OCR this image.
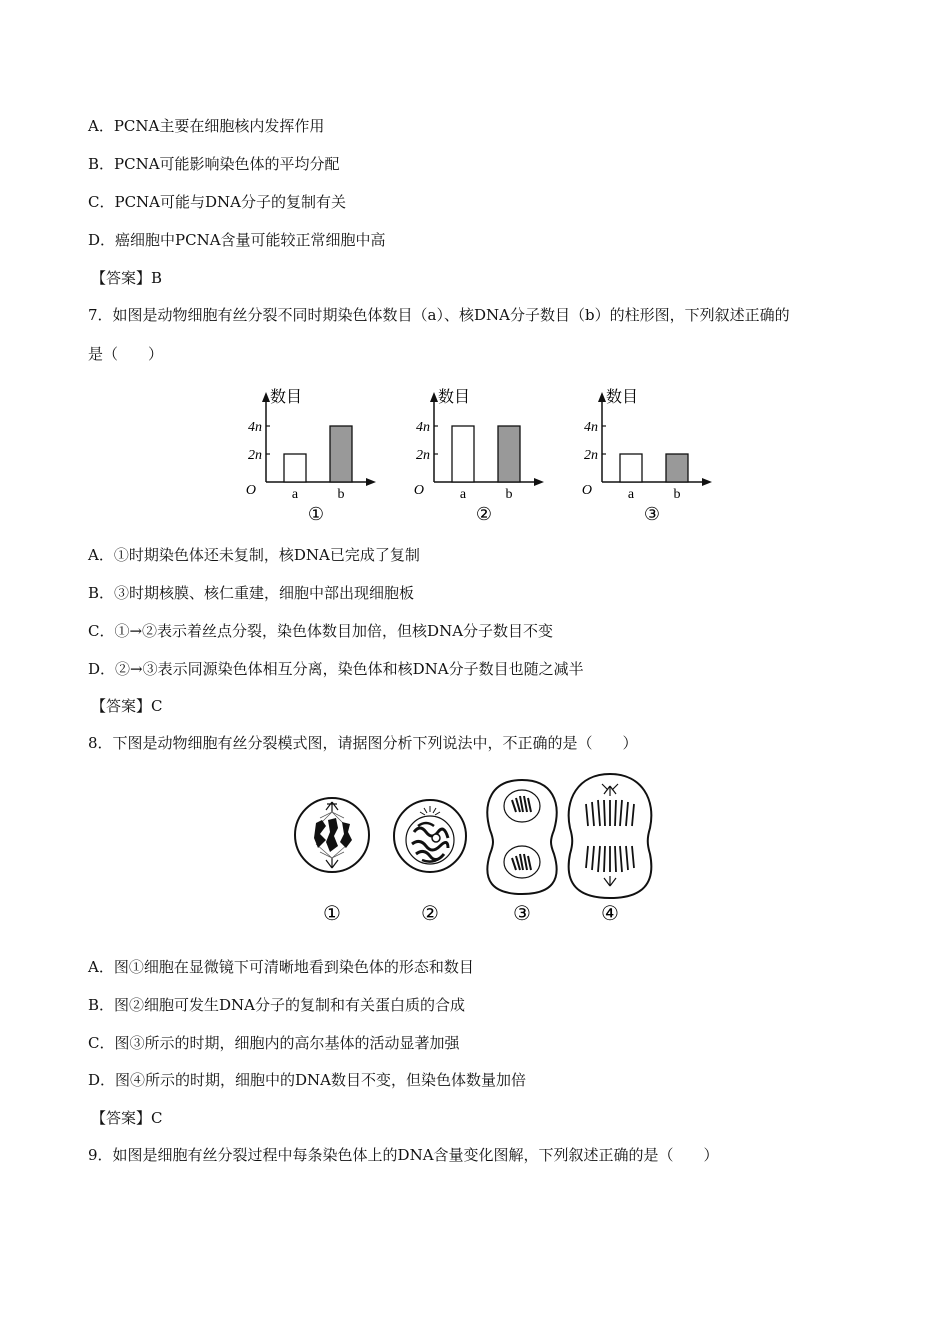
A．PCNA主要在细胞核内发挥作用
B．PCNA可能影响染色体的平均分配
C．PCNA可能与DNA分子的复制有关
D．癌细胞中PCNA含量可能较正常细胞中高
【答案】B
7．如图是动物细胞有丝分裂不同时期染色体数目（a）、核DNA分子数目（b）的柱形图，下列叙述正确的
是（　　）
数目
2n
4n
O	a	b
①
数目
2n
4n
O	a	b
②
数目
2n
4n
O	a	b
③
A．①时期染色体还未复制，核DNA已完成了复制
B．③时期核膜、核仁重建，细胞中部出现细胞板
C．①→②表示着丝点分裂，染色体数目加倍，但核DNA分子数目不变
D．②→③表示同源染色体相互分离，染色体和核DNA分子数目也随之减半
【答案】C
8．下图是动物细胞有丝分裂模式图，请据图分析下列说法中，不正确的是（　　）
①	②	③	④
A．图①细胞在显微镜下可清晰地看到染色体的形态和数目
B．图②细胞可发生DNA分子的复制和有关蛋白质的合成
C．图③所示的时期，细胞内的高尔基体的活动显著加强
D．图④所示的时期，细胞中的DNA数目不变，但染色体数量加倍
【答案】C
9．如图是细胞有丝分裂过程中每条染色体上的DNA含量变化图解，下列叙述正确的是（　　）
